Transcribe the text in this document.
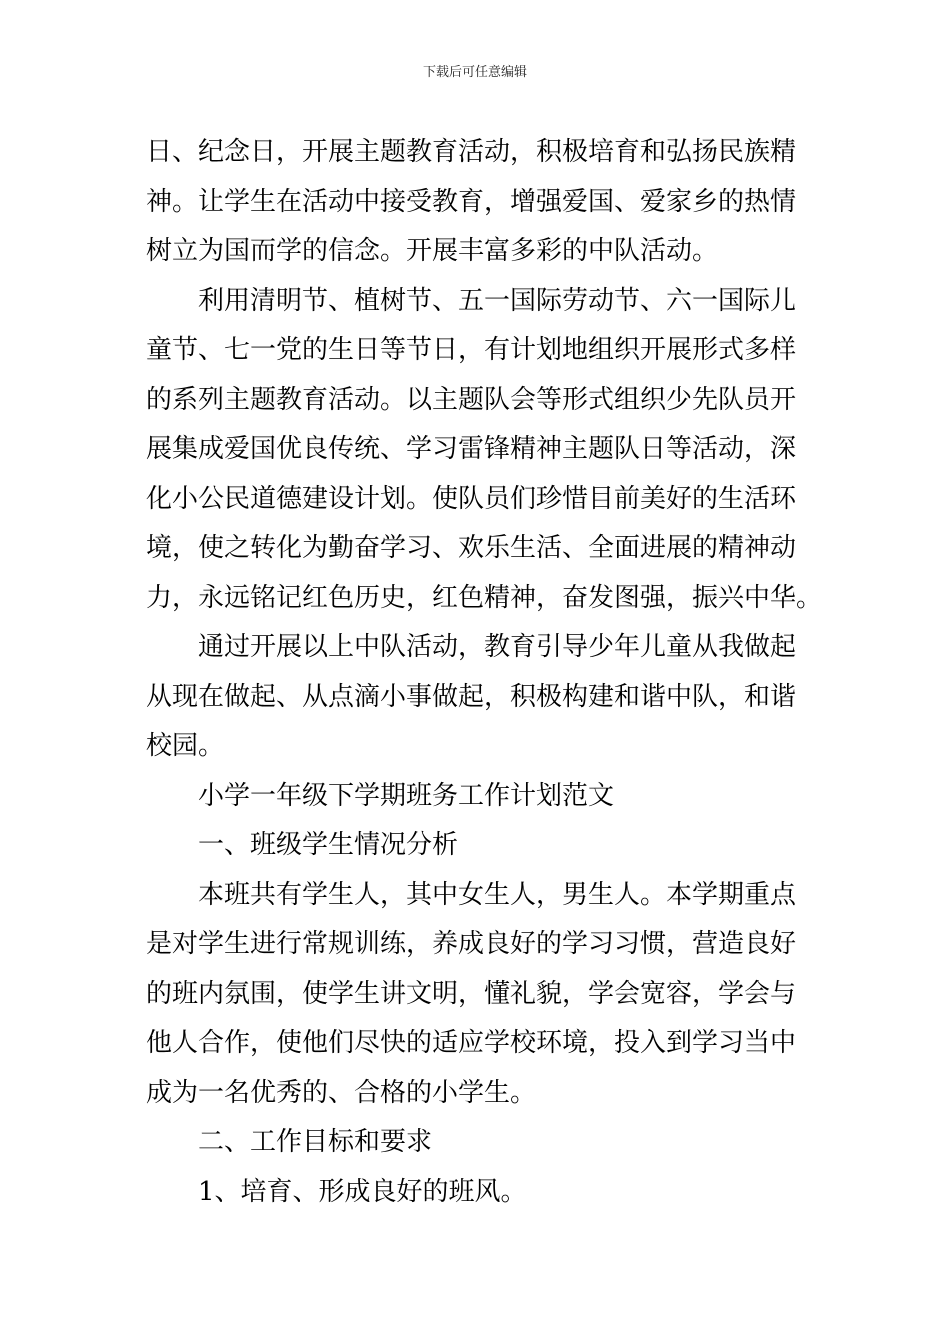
下载后可任意编辑
日、纪念日，开展主题教育活动，积极培育和弘扬民族精
神。让学生在活动中接受教育，增强爱国、爱家乡的热情
树立为国而学的信念。开展丰富多彩的中队活动。
利用清明节、植树节、五一国际劳动节、六一国际儿
童节、七一党的生日等节日，有计划地组织开展形式多样
的系列主题教育活动。以主题队会等形式组织少先队员开
展集成爱国优良传统、学习雷锋精神主题队日等活动，深
化小公民道德建设计划。使队员们珍惜目前美好的生活环
境，使之转化为勤奋学习、欢乐生活、全面进展的精神动
力，永远铭记红色历史，红色精神，奋发图强，振兴中华。
通过开展以上中队活动，教育引导少年儿童从我做起
从现在做起、从点滴小事做起，积极构建和谐中队，和谐
校园。
小学一年级下学期班务工作计划范文
一、班级学生情况分析
本班共有学生人，其中女生人，男生人。本学期重点
是对学生进行常规训练，养成良好的学习习惯，营造良好
的班内氛围，使学生讲文明，懂礼貌，学会宽容，学会与
他人合作，使他们尽快的适应学校环境，投入到学习当中
成为一名优秀的、合格的小学生。
二、工作目标和要求
1、培育、形成良好的班风。
